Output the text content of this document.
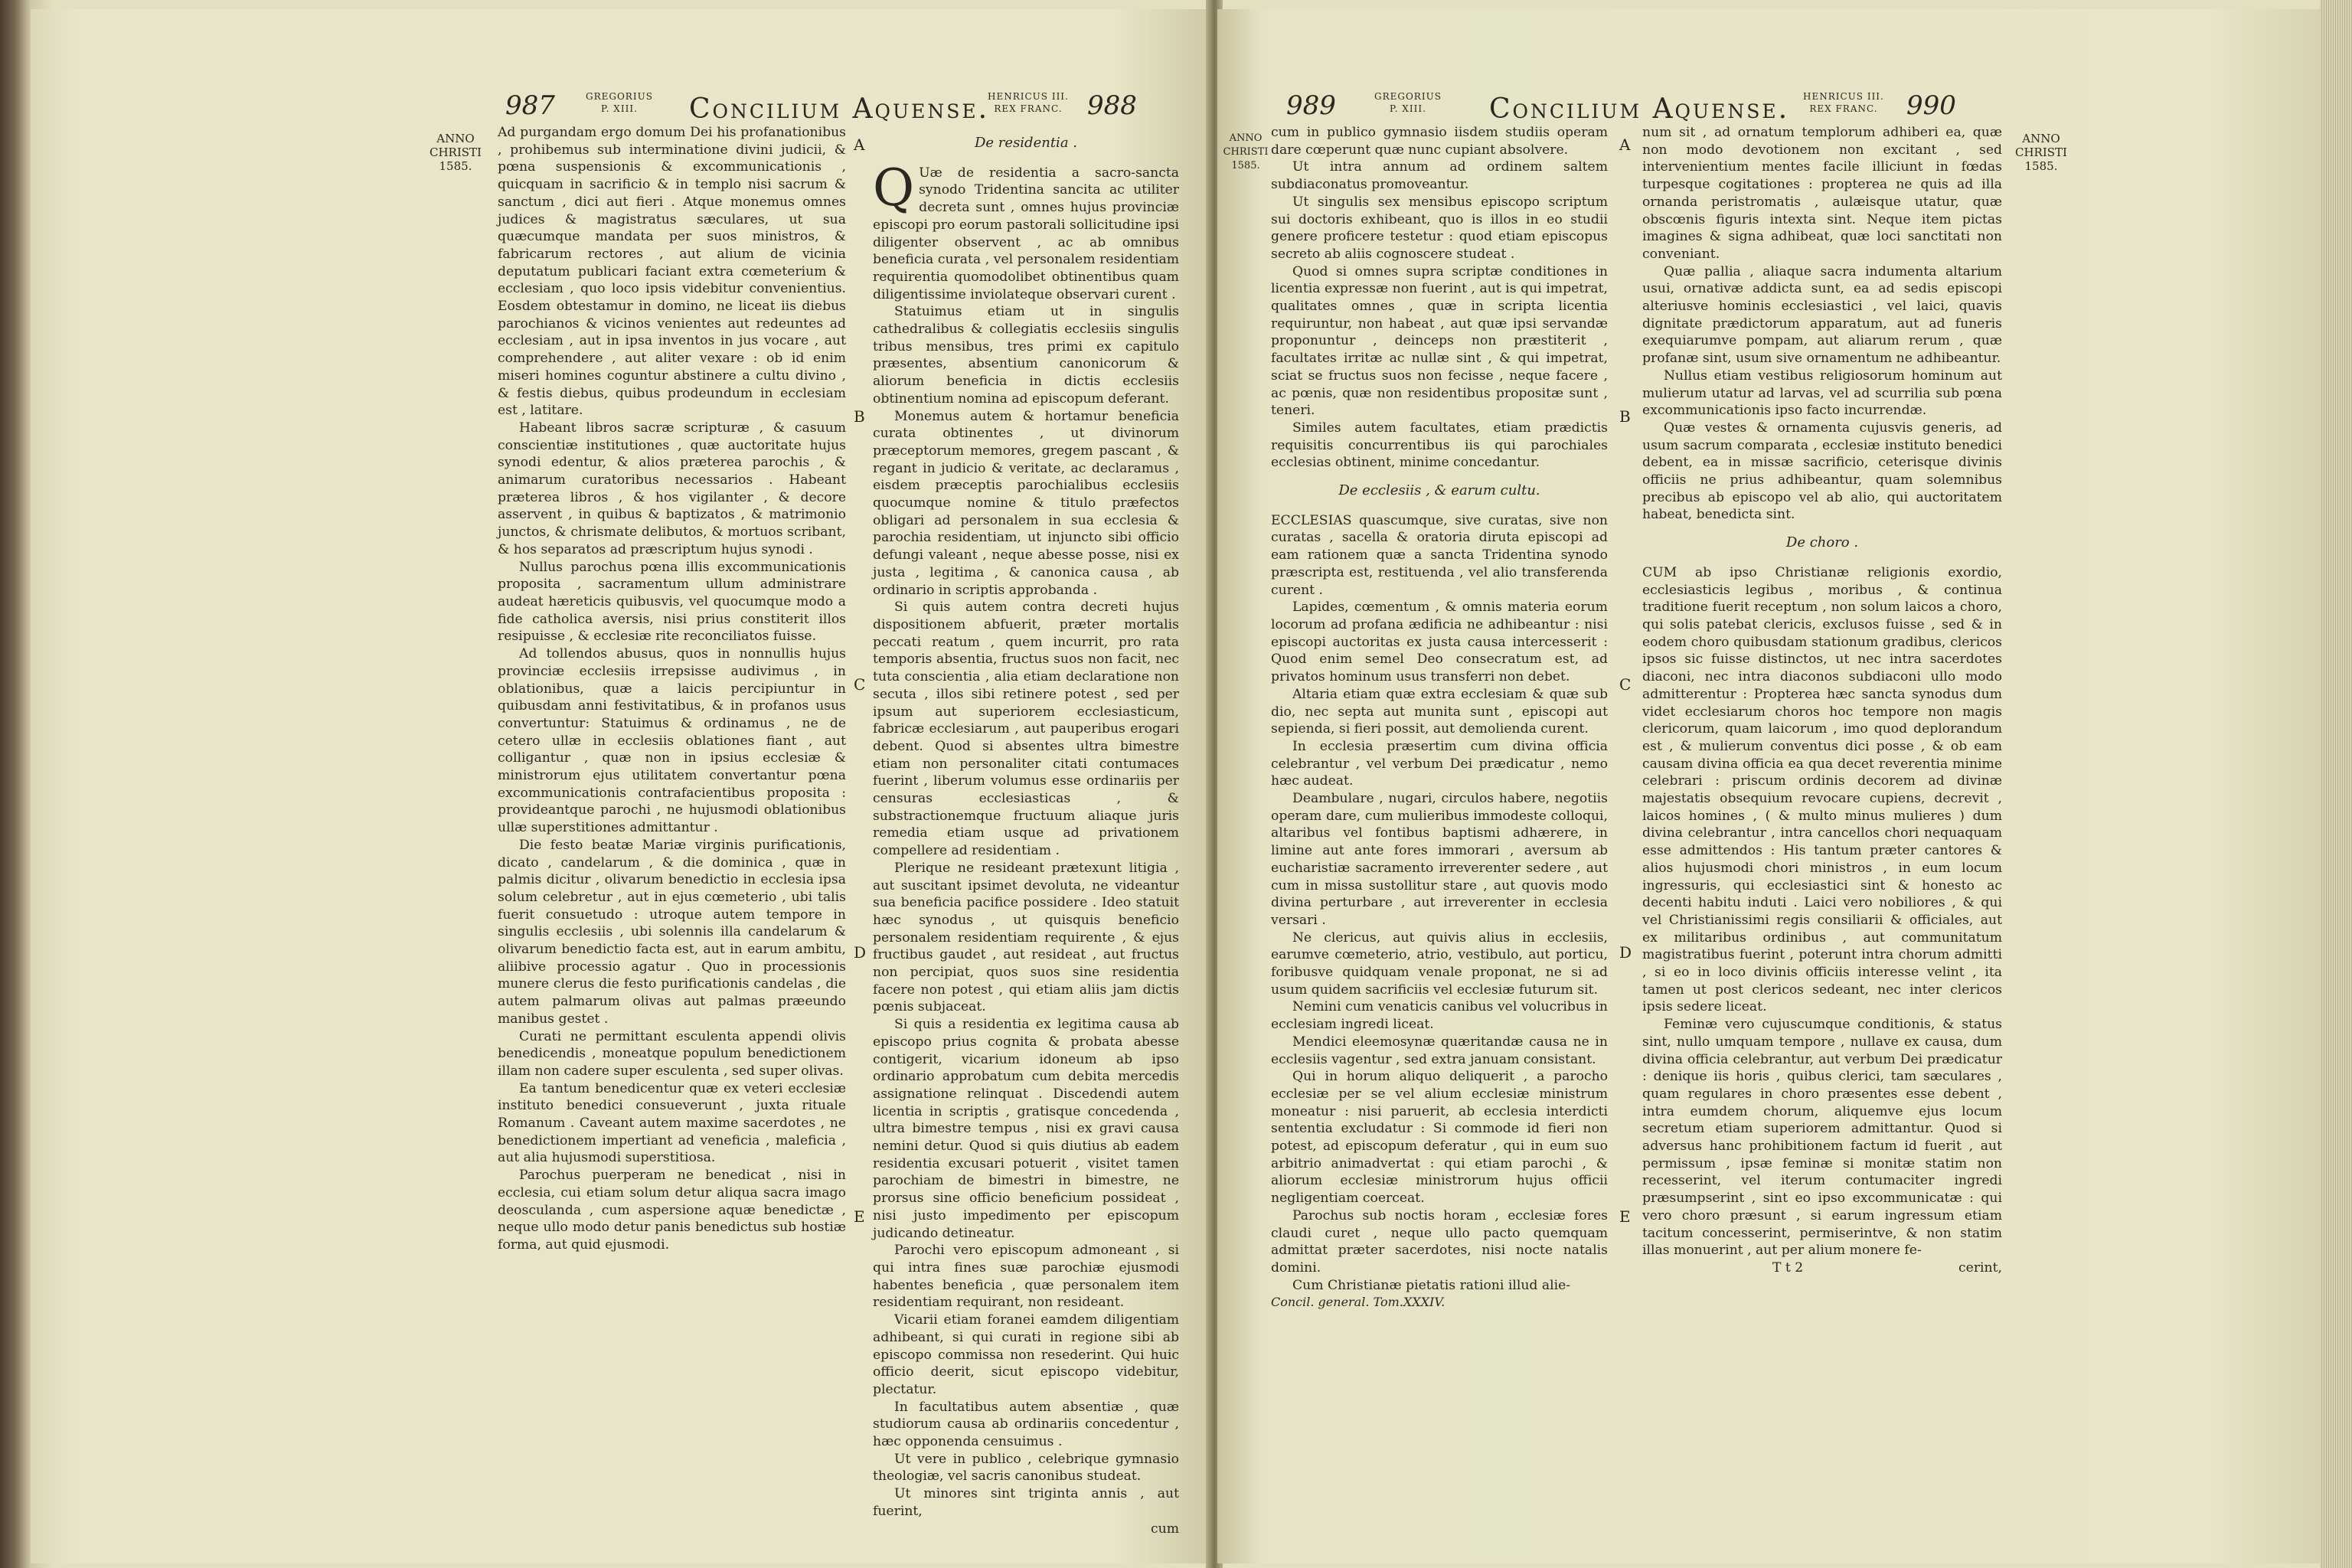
987	GREGORIUS
P. XIII.	Concilium Aquense.
HENRICUS III.
REX FRANC. 988
ANNO
CHRISTI
1585.

Ad purgandam ergo domum Dei his profanationibus , prohibemus sub interminatione divini judicii, & pœna suspensionis & excommunicationis , quicquam in sacrificio & in templo nisi sacrum & sanctum , dici aut fieri . Atque monemus omnes judices & magistratus sæculares, ut sua quæcumque mandata per suos ministros, & fabricarum rectores , aut alium de vicinia deputatum publicari faciant extra cœmeterium & ecclesiam , quo loco ipsis videbitur convenientius. Eosdem obtestamur in domino, ne liceat iis diebus parochianos & vicinos venientes aut redeuntes ad ecclesiam , aut in ipsa inventos in jus vocare , aut comprehendere , aut aliter vexare : ob id enim miseri homines coguntur abstinere a cultu divino , & festis diebus, quibus prodeundum in ecclesiam est , latitare.

Habeant libros sacræ scripturæ , & casuum conscientiæ institutiones , quæ auctoritate hujus synodi edentur, & alios præterea parochis , & animarum curatoribus necessarios . Habeant præterea libros , & hos vigilanter , & decore asservent , in quibus & baptizatos , & matrimonio junctos, & chrismate delibutos, & mortuos scribant, & hos separatos ad præscriptum hujus synodi .

Nullus parochus pœna illis excommunicationis proposita , sacramentum ullum administrare audeat hæreticis quibusvis, vel quocumque modo a fide catholica aversis, nisi prius constiterit illos resipuisse , & ecclesiæ rite reconciliatos fuisse.

Ad tollendos abusus, quos in nonnullis hujus provinciæ ecclesiis irrepsisse audivimus , in oblationibus, quæ a laicis percipiuntur in quibusdam anni festivitatibus, & in profanos usus convertuntur: Statuimus & ordinamus , ne de cetero ullæ in ecclesiis oblationes fiant , aut colligantur , quæ non in ipsius ecclesiæ & ministrorum ejus utilitatem convertantur pœna excommunicationis contrafacientibus proposita : provideantque parochi , ne hujusmodi oblationibus ullæ superstitiones admittantur .

Die festo beatæ Mariæ virginis purificationis, dicato , candelarum , & die dominica , quæ in palmis dicitur , olivarum benedictio in ecclesia ipsa solum celebretur , aut in ejus cœmeterio , ubi talis fuerit consuetudo : utroque autem tempore in singulis ecclesiis , ubi solennis illa candelarum & olivarum benedictio facta est, aut in earum ambitu, aliibive processio agatur . Quo in processionis munere clerus die festo purificationis candelas , die autem palmarum olivas aut palmas præeundo manibus gestet .

Curati ne permittant esculenta appendi olivis benedicendis , moneatque populum benedictionem illam non cadere super esculenta , sed super olivas.

Ea tantum benedicentur quæ ex veteri ecclesiæ instituto benedici consueverunt , juxta rituale Romanum . Caveant autem maxime sacerdotes , ne benedictionem impertiant ad veneficia , maleficia , aut alia hujusmodi superstitiosa.

Parochus puerperam ne benedicat , nisi in ecclesia, cui etiam solum detur aliqua sacra imago deosculanda , cum aspersione aquæ benedictæ , neque ullo modo detur panis benedictus sub hostiæ forma, aut quid ejusmodi.

A
B
C
D
E

De residentia .

Q Uæ de residentia a sacro-sancta synodo Tridentina sancita ac utiliter decreta sunt , omnes hujus provinciæ episcopi pro eorum pastorali sollicitudine ipsi diligenter observent , ac ab omnibus beneficia curata , vel personalem residentiam requirentia quomodolibet obtinentibus quam diligentissime inviolateque observari curent .

Statuimus etiam ut in singulis cathedralibus & collegiatis ecclesiis singulis tribus mensibus, tres primi ex capitulo præsentes, absentium canonicorum & aliorum beneficia in dictis ecclesiis obtinentium nomina ad episcopum deferant.

Monemus autem & hortamur beneficia curata obtinentes , ut divinorum præceptorum memores, gregem pascant , & regant in judicio & veritate, ac declaramus , eisdem præceptis parochialibus ecclesiis quocumque nomine & titulo præfectos obligari ad personalem in sua ecclesia & parochia residentiam, ut injuncto sibi officio defungi valeant , neque abesse posse, nisi ex justa , legitima , & canonica causa , ab ordinario in scriptis approbanda .

Si quis autem contra decreti hujus dispositionem abfuerit, præter mortalis peccati reatum , quem incurrit, pro rata temporis absentia, fructus suos non facit, nec tuta conscientia , alia etiam declaratione non secuta , illos sibi retinere potest , sed per ipsum aut superiorem ecclesiasticum, fabricæ ecclesiarum , aut pauperibus erogari debent. Quod si absentes ultra bimestre etiam non personaliter citati contumaces fuerint , liberum volumus esse ordinariis per censuras ecclesiasticas , & substractionemque fructuum aliaque juris remedia etiam usque ad privationem compellere ad residentiam .

Plerique ne resideant prætexunt litigia , aut suscitant ipsimet devoluta, ne videantur sua beneficia pacifice possidere . Ideo statuit hæc synodus , ut quisquis beneficio personalem residentiam requirente , & ejus fructibus gaudet , aut resideat , aut fructus non percipiat, quos suos sine residentia facere non potest , qui etiam aliis jam dictis pœnis subjaceat.

Si quis a residentia ex legitima causa ab episcopo prius cognita & probata abesse contigerit, vicarium idoneum ab ipso ordinario approbatum cum debita mercedis assignatione relinquat . Discedendi autem licentia in scriptis , gratisque concedenda , ultra bimestre tempus , nisi ex gravi causa nemini detur. Quod si quis diutius ab eadem residentia excusari potuerit , visitet tamen parochiam de bimestri in bimestre, ne prorsus sine officio beneficium possideat , nisi justo impedimento per episcopum judicando detineatur.

Parochi vero episcopum admoneant , si qui intra fines suæ parochiæ ejusmodi habentes beneficia , quæ personalem item residentiam requirant, non resideant.

Vicarii etiam foranei eamdem diligentiam adhibeant, si qui curati in regione sibi ab episcopo commissa non resederint. Qui huic officio deerit, sicut episcopo videbitur, plectatur.

In facultatibus autem absentiæ , quæ studiorum causa ab ordinariis concedentur , hæc opponenda censuimus .

Ut vere in publico , celebrique gymnasio theologiæ, vel sacris canonibus studeat.

Ut minores sint triginta annis , aut fuerint,

cum

989	GREGORIUS
P. XIII.	Concilium Aquense. HENRICUS III.
REX FRANC. 990
ANNO
CHRISTI
1585.
ANNO
CHRISTI
1585.

cum in publico gymnasio iisdem studiis operam dare cœperunt quæ nunc cupiant absolvere.

Ut intra annum ad ordinem saltem subdiaconatus promoveantur.

Ut singulis sex mensibus episcopo scriptum sui doctoris exhibeant, quo is illos in eo studii genere proficere testetur : quod etiam episcopus secreto ab aliis cognoscere studeat .

Quod si omnes supra scriptæ conditiones in licentia expressæ non fuerint , aut is qui impetrat, qualitates omnes , quæ in scripta licentia requiruntur, non habeat , aut quæ ipsi servandæ proponuntur , deinceps non præstiterit , facultates irritæ ac nullæ sint , & qui impetrat, sciat se fructus suos non fecisse , neque facere , ac pœnis, quæ non residentibus propositæ sunt , teneri.

Similes autem facultates, etiam prædictis requisitis concurrentibus iis qui parochiales ecclesias obtinent, minime concedantur.

De ecclesiis , & earum cultu.

ECCLESIAS quascumque, sive curatas, sive non curatas , sacella & oratoria diruta episcopi ad eam rationem quæ a sancta Tridentina synodo præscripta est, restituenda , vel alio transferenda curent .

Lapides, cœmentum , & omnis materia eorum locorum ad profana ædificia ne adhibeantur : nisi episcopi auctoritas ex justa causa intercesserit : Quod enim semel Deo consecratum est, ad privatos hominum usus transferri non debet.

Altaria etiam quæ extra ecclesiam & quæ sub dio, nec septa aut munita sunt , episcopi aut sepienda, si fieri possit, aut demolienda curent.

In ecclesia præsertim cum divina officia celebrantur , vel verbum Dei prædicatur , nemo hæc audeat.

Deambulare , nugari, circulos habere, negotiis operam dare, cum mulieribus immodeste colloqui, altaribus vel fontibus baptismi adhærere, in limine aut ante fores immorari , aversum ab eucharistiæ sacramento irreverenter sedere , aut cum in missa sustollitur stare , aut quovis modo divina perturbare , aut irreverenter in ecclesia versari .

Ne clericus, aut quivis alius in ecclesiis, earumve cœmeterio, atrio, vestibulo, aut porticu, foribusve quidquam venale proponat, ne si ad usum quidem sacrificiis vel ecclesiæ futurum sit.

Nemini cum venaticis canibus vel volucribus in ecclesiam ingredi liceat.

Mendici eleemosynæ quæritandæ causa ne in ecclesiis vagentur , sed extra januam consistant.

Qui in horum aliquo deliquerit , a parocho ecclesiæ per se vel alium ecclesiæ ministrum moneatur : nisi paruerit, ab ecclesia interdicti sententia excludatur : Si commode id fieri non potest, ad episcopum deferatur , qui in eum suo arbitrio animadvertat : qui etiam parochi , & aliorum ecclesiæ ministrorum hujus officii negligentiam coerceat.

Parochus sub noctis horam , ecclesiæ fores claudi curet , neque ullo pacto quemquam admittat præter sacerdotes, nisi nocte natalis domini.

Cum Christianæ pietatis rationi illud alie-

Concil. general. Tom.XXXIV.

A
B
C
D
E

num sit , ad ornatum templorum adhiberi ea, quæ non modo devotionem non excitant , sed intervenientium mentes facile illiciunt in fœdas turpesque cogitationes : propterea ne quis ad illa ornanda peristromatis , aulæisque utatur, quæ obscœnis figuris intexta sint. Neque item pictas imagines & signa adhibeat, quæ loci sanctitati non conveniant.

Quæ pallia , aliaque sacra indumenta altarium usui, ornativæ addicta sunt, ea ad sedis episcopi alteriusve hominis ecclesiastici , vel laici, quavis dignitate prædictorum apparatum, aut ad funeris exequiarumve pompam, aut aliarum rerum , quæ profanæ sint, usum sive ornamentum ne adhibeantur.

Nullus etiam vestibus religiosorum hominum aut mulierum utatur ad larvas, vel ad scurrilia sub pœna excommunicationis ipso facto incurrendæ.

Quæ vestes & ornamenta cujusvis generis, ad usum sacrum comparata , ecclesiæ instituto benedici debent, ea in missæ sacrificio, ceterisque divinis officiis ne prius adhibeantur, quam solemnibus precibus ab episcopo vel ab alio, qui auctoritatem habeat, benedicta sint.

De choro .

CUM ab ipso Christianæ religionis exordio, ecclesiasticis legibus , moribus , & continua traditione fuerit receptum , non solum laicos a choro, qui solis patebat clericis, exclusos fuisse , sed & in eodem choro quibusdam stationum gradibus, clericos ipsos sic fuisse distinctos, ut nec intra sacerdotes diaconi, nec intra diaconos subdiaconi ullo modo admitterentur : Propterea hæc sancta synodus dum videt ecclesiarum choros hoc tempore non magis clericorum, quam laicorum , imo quod deplorandum est , & mulierum conventus dici posse , & ob eam causam divina officia ea qua decet reverentia minime celebrari : priscum ordinis decorem ad divinæ majestatis obsequium revocare cupiens, decrevit , laicos homines , ( & multo minus mulieres ) dum divina celebrantur , intra cancellos chori nequaquam esse admittendos : His tantum præter cantores & alios hujusmodi chori ministros , in eum locum ingressuris, qui ecclesiastici sint & honesto ac decenti habitu induti . Laici vero nobiliores , & qui vel Christianissimi regis consiliarii & officiales, aut ex militaribus ordinibus , aut communitatum magistratibus fuerint , poterunt intra chorum admitti , si eo in loco divinis officiis interesse velint , ita tamen ut post clericos sedeant, nec inter clericos ipsis sedere liceat.

Feminæ vero cujuscumque conditionis, & status sint, nullo umquam tempore , nullave ex causa, dum divina officia celebrantur, aut verbum Dei prædicatur : denique iis horis , quibus clerici, tam sæculares , quam regulares in choro præsentes esse debent , intra eumdem chorum, aliquemve ejus locum secretum etiam superiorem admittantur. Quod si adversus hanc prohibitionem factum id fuerit , aut permissum , ipsæ feminæ si monitæ statim non recesserint, vel iterum contumaciter ingredi præsumpserint , sint eo ipso excommunicatæ : qui vero choro præsunt , si earum ingressum etiam tacitum concesserint, permiserintve, & non statim illas monuerint , aut per alium monere fe-

T t 2	cerint,
